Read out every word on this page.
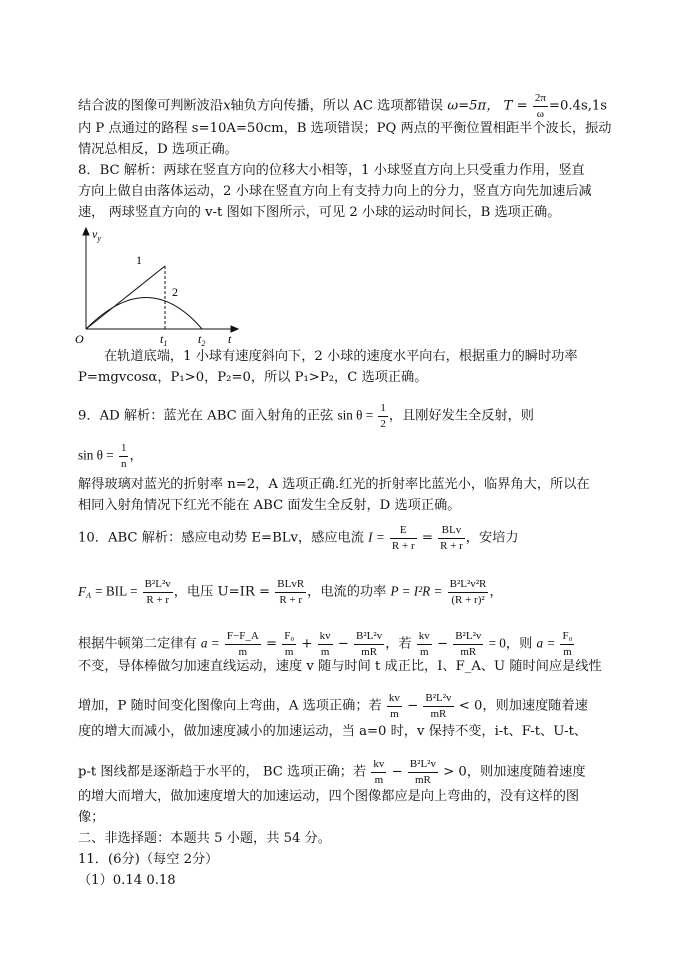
结合波的图像可判断波沿x轴负方向传播，所以 AC 选项都错误 ω=5π， $T = \frac{2\pi}{\omega} =0.4s,1s$
内 P 点通过的路程 s=10A=50cm，B 选项错误；PQ 两点的平衡位置相距半个波长，振动
情况总相反，D 选项正确。
8．BC 解析：两球在竖直方向的位移大小相等，1 小球竖直方向上只受重力作用，竖直
方向上做自由落体运动，2 小球在竖直方向上有支持力向上的分力，竖直方向先加速后减
速， 两球竖直方向的 v-t 图如下图所示，可见 2 小球的运动时间长，B 选项正确。
$v_y$
1
2
O	$t_1$	$t_2$ t
在轨道底端，1 小球有速度斜向下，2 小球的速度水平向右，根据重力的瞬时功率
P=mgvcosα，P₁>0，P₂=0，所以 P₁>P₂，C 选项正确。
9．AD 解析：蓝光在 ABC 面入射角的正弦 $\sin \theta = \frac{1}{2}$ ，且刚好发生全反射，则
$\sin \theta = \frac{1}{n}$ ，
解得玻璃对蓝光的折射率 n=2，A 选项正确.红光的折射率比蓝光小，临界角大，所以在
相同入射角情况下红光不能在 ABC 面发生全反射，D 选项正确。
10．ABC 解析：感应电动势 E=BLv，感应电流 $I = \frac{E}{R + r} = \frac{\text{BLv}}{R + r}$ ，安培力
$F_A$ = BIL = $\frac{\text{B²L²v}}{R + r}$ ，电压 $U=IR = \frac{\text{BLvR}}{R + r}$ ，电流的功率 $P = I^2R = \frac{\text{B²L²v²R}}{\text{(R + r)²}}$ ，
根据牛顿第二定律有 $a = \frac{F-F\_A}{m} = \frac{\text{F₀}}{m} + \frac{kv}{m} - \frac{\text{B²L²v}}{mR}$ ，若 $\frac{kv}{m} - \frac{\text{B²L²v}}{mR} = 0$，则 $a = \frac{\text{F₀}}{m}$
不变，导体棒做匀加速直线运动，速度 v 随与时间 t 成正比，I、F_A、U 随时间应是线性
增加，P 随时间变化图像向上弯曲，A 选项正确；若 $\frac{kv}{m} - \frac{\text{B²L²v}}{mR} < 0$，则加速度随着速
度的增大而减小，做加速度减小的加速运动，当 a=0 时，v 保持不变，i-t、F-t、U-t、
p-t 图线都是逐渐趋于水平的， BC 选项正确；若 $\frac{kv}{m} - \frac{\text{B²L²v}}{mR} > 0$，则加速度随着速度
的增大而增大，做加速度增大的加速运动，四个图像都应是向上弯曲的，没有这样的图
像；
二、非选择题：本题共 5 小题，共 54 分。
11．(6分)（每空 2分）
（1）0.14 0.18
